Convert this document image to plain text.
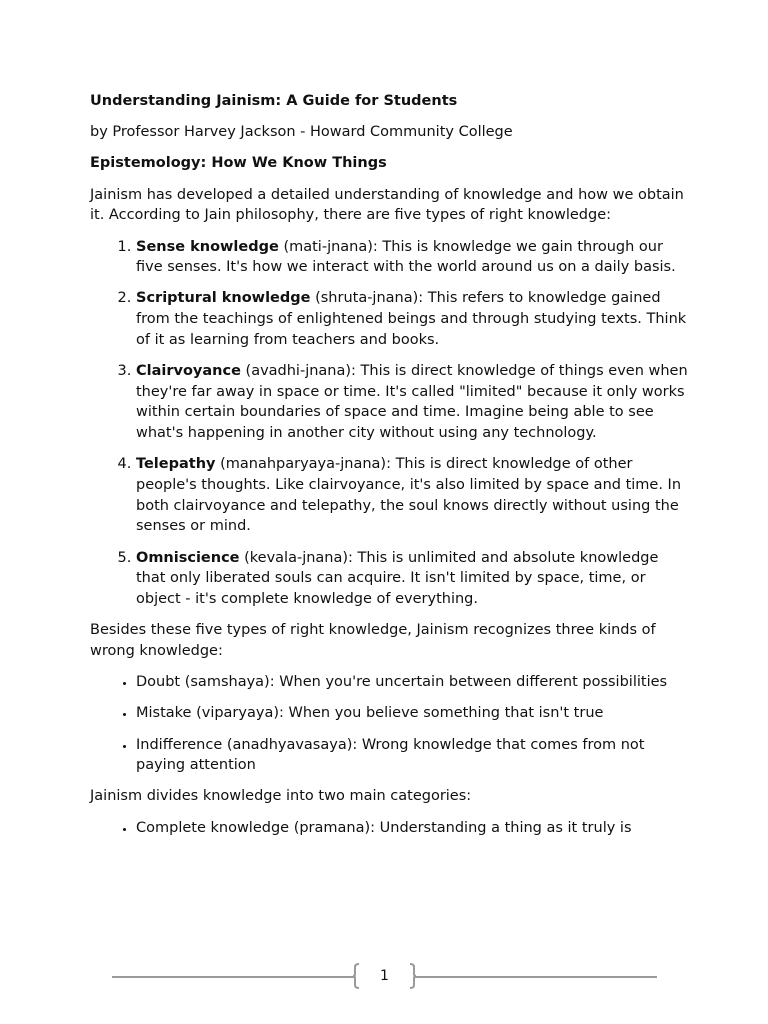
Understanding Jainism: A Guide for Students

by Professor Harvey Jackson - Howard Community College

Epistemology: How We Know Things

Jainism has developed a detailed understanding of knowledge and how we obtain it. According to Jain philosophy, there are five types of right knowledge:

1. Sense knowledge (mati-jnana): This is knowledge we gain through our five senses. It's how we interact with the world around us on a daily basis.
2. Scriptural knowledge (shruta-jnana): This refers to knowledge gained from the teachings of enlightened beings and through studying texts. Think of it as learning from teachers and books.
3. Clairvoyance (avadhi-jnana): This is direct knowledge of things even when they're far away in space or time. It's called "limited" because it only works within certain boundaries of space and time. Imagine being able to see what's happening in another city without using any technology.
4. Telepathy (manahparyaya-jnana): This is direct knowledge of other people's thoughts. Like clairvoyance, it's also limited by space and time. In both clairvoyance and telepathy, the soul knows directly without using the senses or mind.
5. Omniscience (kevala-jnana): This is unlimited and absolute knowledge that only liberated souls can acquire. It isn't limited by space, time, or object - it's complete knowledge of everything.

Besides these five types of right knowledge, Jainism recognizes three kinds of wrong knowledge:

• Doubt (samshaya): When you're uncertain between different possibilities
• Mistake (viparyaya): When you believe something that isn't true
• Indifference (anadhyavasaya): Wrong knowledge that comes from not paying attention

Jainism divides knowledge into two main categories:

• Complete knowledge (pramana): Understanding a thing as it truly is
1
